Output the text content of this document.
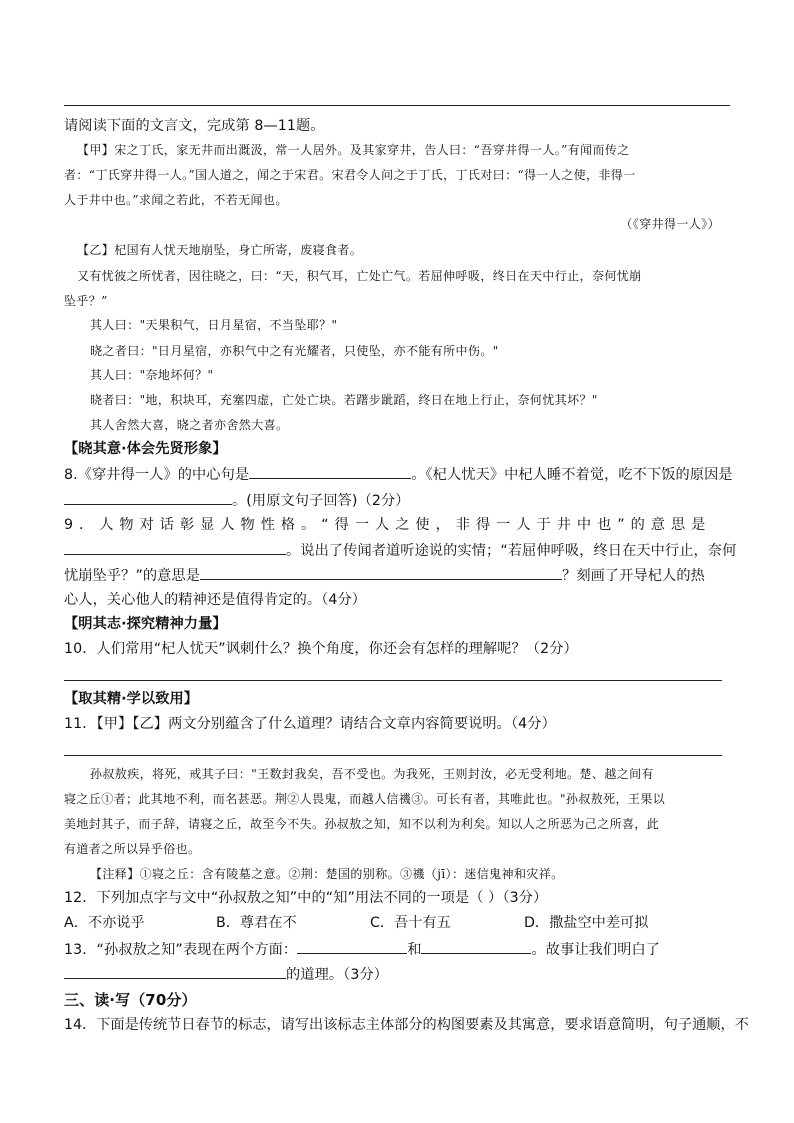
请阅读下面的文言文，完成第 8—11题。
【甲】宋之丁氏，家无井而出溉汲，常一人居外。及其家穿井，告人曰：“吾穿井得一人。”有闻而传之
者：“丁氏穿井得一人。”国人道之，闻之于宋君。宋君令人问之于丁氏，丁氏对曰：“得一人之使，非得一
人于井中也。”求闻之若此，不若无闻也。
（《穿井得一人》）
【乙】杞国有人忧天地崩坠，身亡所寄，废寝食者。
又有忧彼之所忧者，因往晓之，曰：“天，积气耳，亡处亡气。若屈伸呼吸，终日在天中行止，奈何忧崩
坠乎？”
其人曰："天果积气，日月星宿，不当坠耶？"
晓之者曰："日月星宿，亦积气中之有光耀者，只使坠，亦不能有所中伤。"
其人曰："奈地坏何？"
晓者曰："地，积块耳，充塞四虚，亡处亡块。若躇步跐蹈，终日在地上行止，奈何忧其坏？"
其人舍然大喜，晓之者亦舍然大喜。
【晓其意·体会先贤形象】
8.《穿井得一人》的中心句是	。《杞人忧天》中杞人睡不着觉，吃不下饭的原因是
。(用原文句子回答)（2分）
9．人物对话彰显人物性格。“得一人之使，非得一人于井中也”的意思是
。说出了传闻者道听途说的实情；“若屈伸呼吸，终日在天中行止，奈何
忧崩坠乎？”的意思是	？刻画了开导杞人的热
心人，关心他人的精神还是值得肯定的。（4分）
【明其志·探究精神力量】
10．人们常用“杞人忧天”讽刺什么？换个角度，你还会有怎样的理解呢？（2分）
【取其精·学以致用】
11．【甲】【乙】两文分别蕴含了什么道理？请结合文章内容简要说明。（4分）
孙叔敖疾，将死，戒其子曰："王数封我矣，吾不受也。为我死，王则封汝，必无受利地。楚、越之间有
寝之丘①者；此其地不利，而名甚恶。荆②人畏鬼，而越人信禨③。可长有者，其唯此也。"孙叔敖死，王果以
美地封其子，而子辞，请寝之丘，故至今不失。孙叔敖之知，知不以利为利矣。知以人之所恶为己之所喜，此
有道者之所以异乎俗也。
【注释】①寝之丘：含有陵墓之意。②荆：楚国的别称。③禨（jī）：迷信鬼神和灾祥。
12．下列加点字与文中“孙叔敖之知”中的“知”用法不同的一项是（ ）（3分）
A．不亦说乎	B．尊君在不	C．吾十有五	D．撒盐空中差可拟
13．“孙叔敖之知”表现在两个方面：	和	。故事让我们明白了
的道理。（3分）
三、读·写（70分）
14．下面是传统节日春节的标志，请写出该标志主体部分的构图要素及其寓意，要求语意简明，句子通顺，不
